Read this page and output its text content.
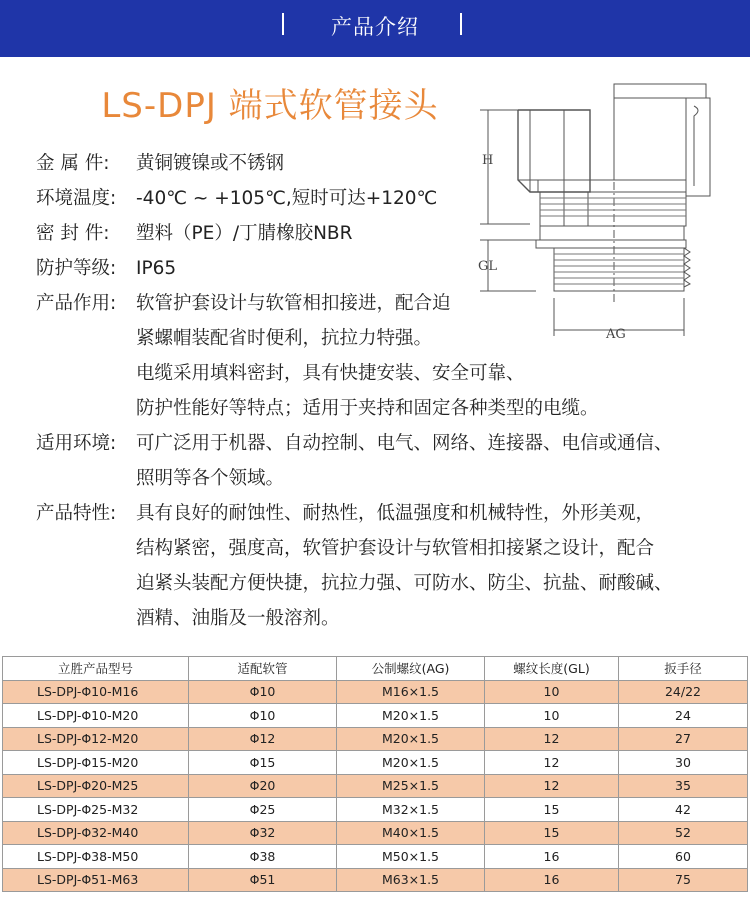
产品介绍
LS-DPJ 端式软管接头
金 属 件: 黄铜镀镍或不锈钢
环境温度: -40℃ ~ +105℃,短时可达+120℃
密 封 件: 塑料（PE）/丁腈橡胶NBR
防护等级: IP65
产品作用: 软管护套设计与软管相扣接进，配合迫
紧螺帽装配省时便利，抗拉力特强。
电缆采用填料密封，具有快捷安装、安全可靠、
防护性能好等特点；适用于夹持和固定各种类型的电缆。
适用环境: 可广泛用于机器、自动控制、电气、网络、连接器、电信或通信、
照明等各个领域。
产品特性: 具有良好的耐蚀性、耐热性，低温强度和机械特性，外形美观，
结构紧密，强度高，软管护套设计与软管相扣接紧之设计，配合
迫紧头装配方便快捷，抗拉力强、可防水、防尘、抗盐、耐酸碱、
酒精、油脂及一般溶剂。
H
GL
AG
立胜产品型号	适配软管	公制螺纹(AG)	螺纹长度(GL)	扳手径
LS-DPJ-Φ10-M16	Φ10	M16×1.5	10	24/22
LS-DPJ-Φ10-M20	Φ10	M20×1.5	10	24
LS-DPJ-Φ12-M20	Φ12	M20×1.5	12	27
LS-DPJ-Φ15-M20	Φ15	M20×1.5	12	30
LS-DPJ-Φ20-M25	Φ20	M25×1.5	12	35
LS-DPJ-Φ25-M32	Φ25	M32×1.5	15	42
LS-DPJ-Φ32-M40	Φ32	M40×1.5	15	52
LS-DPJ-Φ38-M50	Φ38	M50×1.5	16	60
LS-DPJ-Φ51-M63	Φ51	M63×1.5	16	75
